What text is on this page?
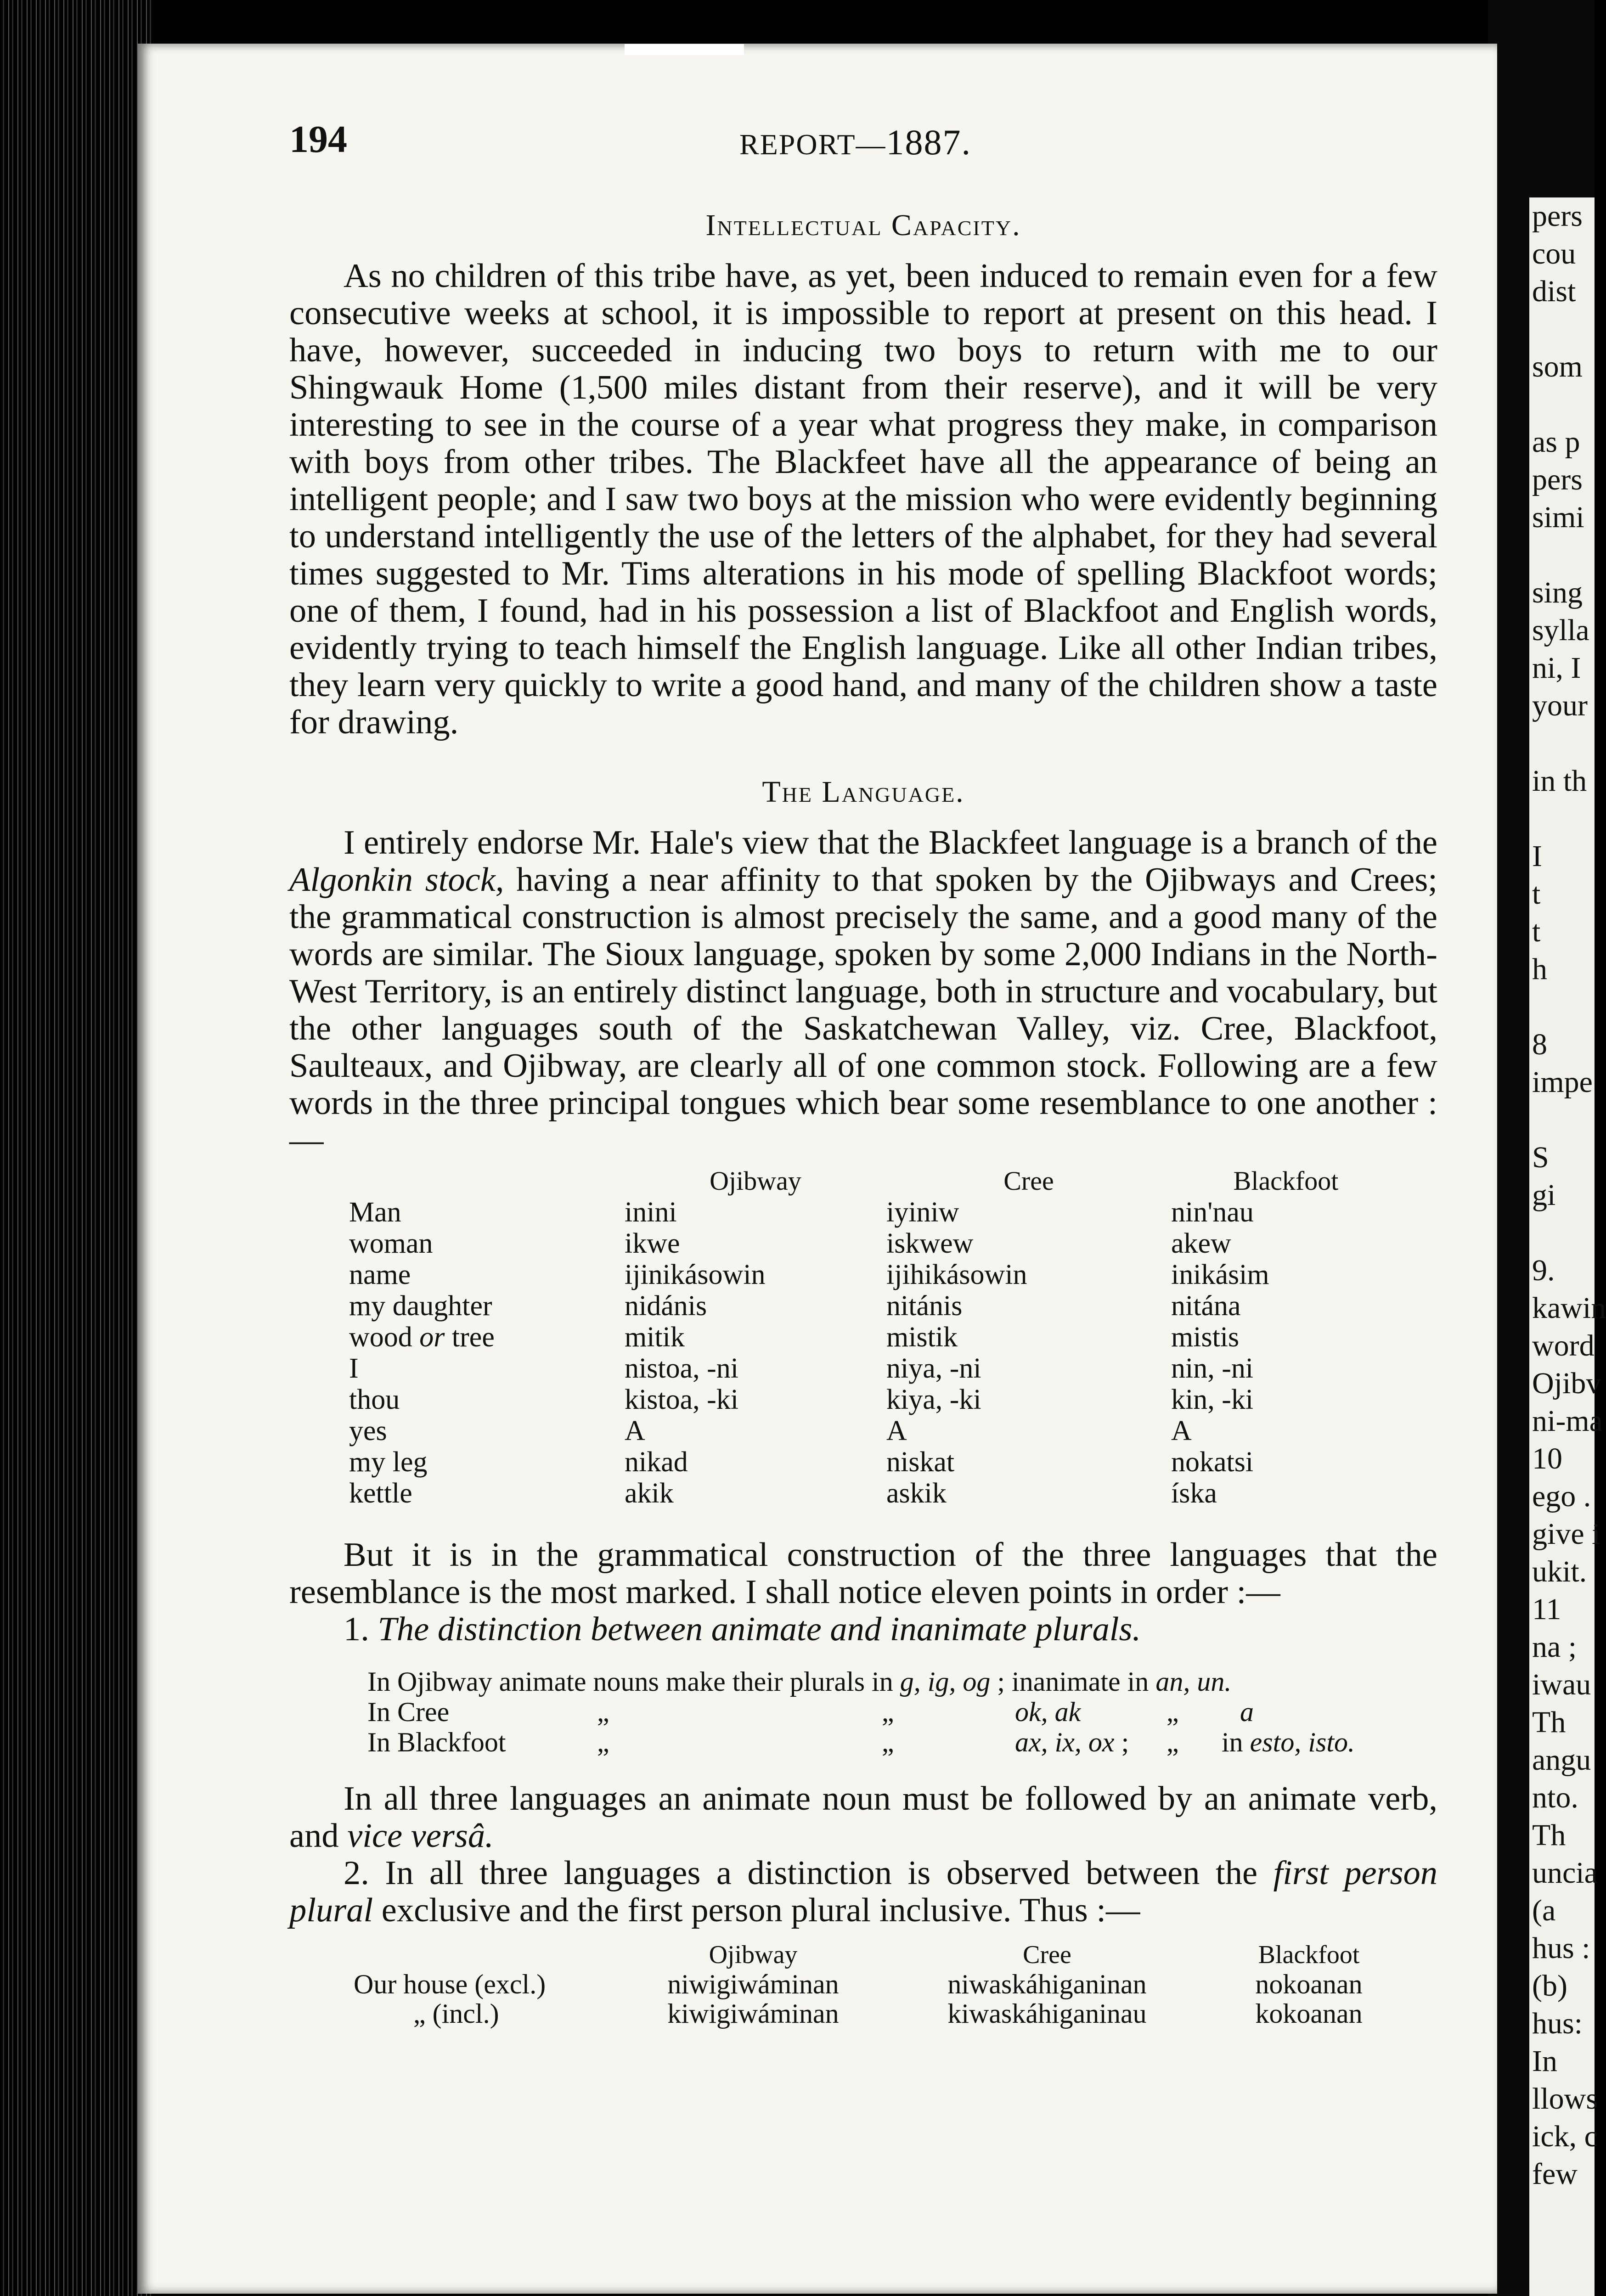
194	REPORT—1887.
Intellectual Capacity.

As no children of this tribe have, as yet, been induced to remain even for a few consecutive weeks at school, it is impossible to report at present on this head. I have, however, succeeded in inducing two boys to return with me to our Shingwauk Home (1,500 miles distant from their reserve), and it will be very interesting to see in the course of a year what progress they make, in comparison with boys from other tribes. The Blackfeet have all the appearance of being an intelligent people; and I saw two boys at the mission who were evidently beginning to understand intelligently the use of the letters of the alphabet, for they had several times suggested to Mr. Tims alterations in his mode of spelling Blackfoot words; one of them, I found, had in his possession a list of Blackfoot and English words, evidently trying to teach himself the English language. Like all other Indian tribes, they learn very quickly to write a good hand, and many of the children show a taste for drawing.

The Language.

I entirely endorse Mr. Hale's view that the Blackfeet language is a branch of the Algonkin stock, having a near affinity to that spoken by the Ojibways and Crees; the grammatical construction is almost precisely the same, and a good many of the words are similar. The Sioux language, spoken by some 2,000 Indians in the North-West Territory, is an entirely distinct language, both in structure and vocabulary, but the other languages south of the Saskatchewan Valley, viz. Cree, Blackfoot, Saulteaux, and Ojibway, are clearly all of one common stock. Following are a few words in the three principal tongues which bear some resemblance to one another :—

	Ojibway	Cree	Blackfoot
Man	inini	iyiniw	nin'nau
woman	ikwe	iskwew	akew
name	ijinikásowin	ijihikásowin	inikásim
my daughter	nidánis	nitánis	nitána
wood or tree	mitik	mistik	mistis
I	nistoa, -ni	niya, -ni	nin, -ni
thou	kistoa, -ki	kiya, -ki	kin, -ki
yes	A	A	A
my leg	nikad	niskat	nokatsi
kettle	akik	askik	íska

But it is in the grammatical construction of the three languages that the resemblance is the most marked. I shall notice eleven points in order :—

1. The distinction between animate and inanimate plurals.

In Ojibway animate nouns make their plurals in g, ig, og ; inanimate in an, un.					
In Cree	„	„	ok, ak	„	a
In Blackfoot	„	„	ax, ix, ox ;	„	in esto, isto.

In all three languages an animate noun must be followed by an animate verb, and vice versâ.

2. In all three languages a distinction is observed between the first person plural exclusive and the first person plural inclusive. Thus :—

	Ojibway	Cree	Blackfoot
Our house (excl.)	niwigiwáminan	niwaskáhiganinan	nokoanan
„ (incl.)	kiwigiwáminan	kiwaskáhiganinau	kokoanan
pers
cou
dist

som

as p
pers
simi

sing
sylla
ni, I
your

in th

I
t
t
h

8
impe

S
gi

9.
kawin
word
Ojibv
ni-ma
10
ego .
give i
ukit.
11
na ;
iwau
Th
angu
nto.
Th
uncia
(a
hus :
(b)
hus:
In
llows
ick, c
few
